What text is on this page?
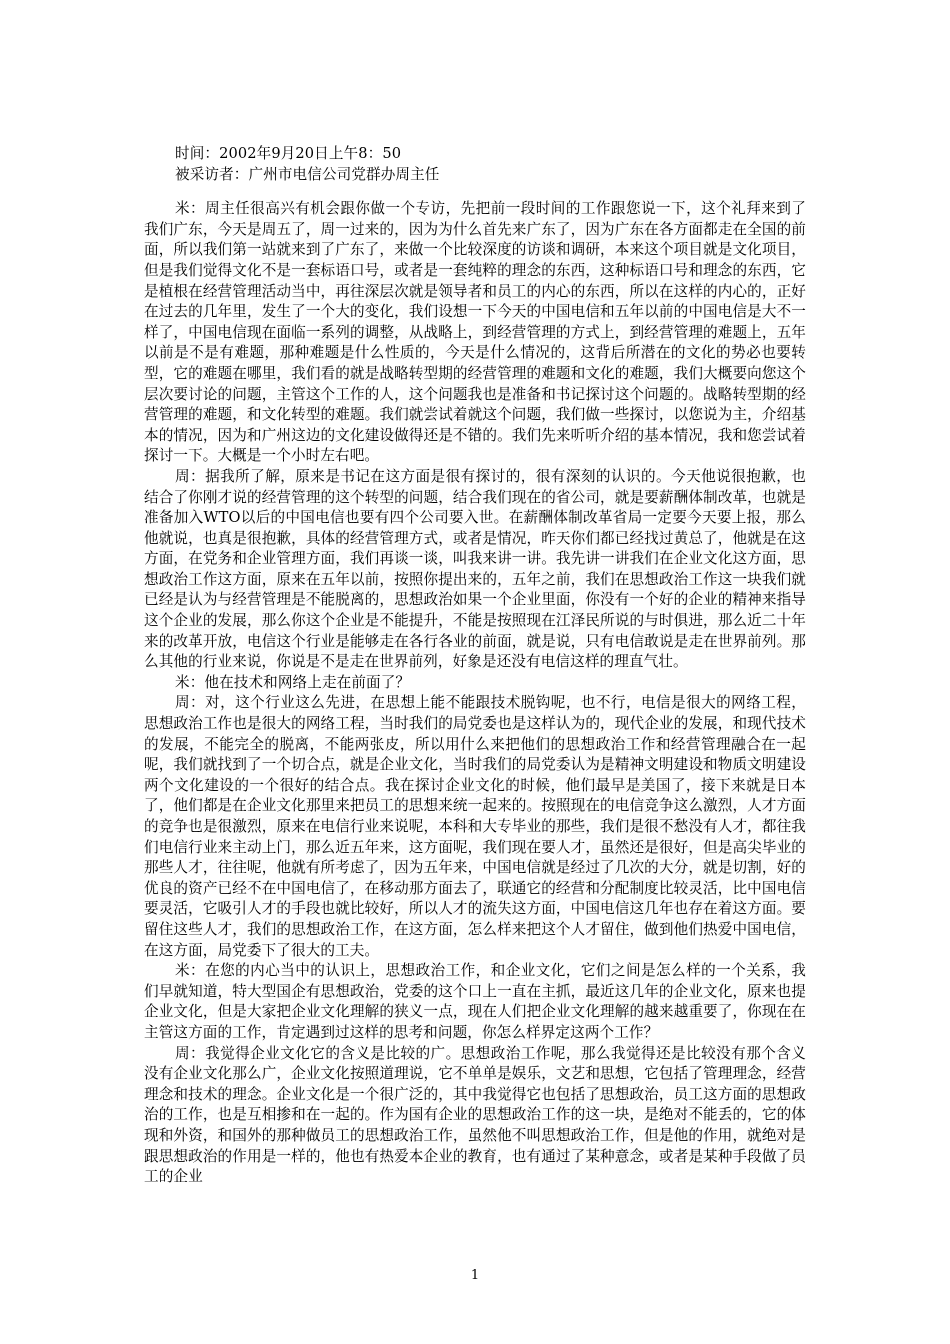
时间：2002年9月20日上午8：50

被采访者：广州市电信公司党群办周主任

米：周主任很高兴有机会跟你做一个专访，先把前一段时间的工作跟您说一下，这个礼拜来到了我们广东，今天是周五了，周一过来的，因为为什么首先来广东了，因为广东在各方面都走在全国的前面，所以我们第一站就来到了广东了，来做一个比较深度的访谈和调研，本来这个项目就是文化项目，但是我们觉得文化不是一套标语口号，或者是一套纯粹的理念的东西，这种标语口号和理念的东西，它是植根在经营管理活动当中，再往深层次就是领导者和员工的内心的东西，所以在这样的内心的，正好在过去的几年里，发生了一个大的变化，我们设想一下今天的中国电信和五年以前的中国电信是大不一样了，中国电信现在面临一系列的调整，从战略上，到经营管理的方式上，到经营管理的难题上，五年以前是不是有难题，那种难题是什么性质的，今天是什么情况的，这背后所潜在的文化的势必也要转型，它的难题在哪里，我们看的就是战略转型期的经营管理的难题和文化的难题，我们大概要向您这个层次要讨论的问题，主管这个工作的人，这个问题我也是准备和书记探讨这个问题的。战略转型期的经营管理的难题，和文化转型的难题。我们就尝试着就这个问题，我们做一些探讨，以您说为主，介绍基本的情况，因为和广州这边的文化建设做得还是不错的。我们先来听听介绍的基本情况，我和您尝试着探讨一下。大概是一个小时左右吧。

周：据我所了解，原来是书记在这方面是很有探讨的，很有深刻的认识的。今天他说很抱歉，也结合了你刚才说的经营管理的这个转型的问题，结合我们现在的省公司，就是要薪酬体制改革，也就是准备加入WTO以后的中国电信也要有四个公司要入世。在薪酬体制改革省局一定要今天要上报，那么他就说，也真是很抱歉，具体的经营管理方式，或者是情况，昨天你们都已经找过黄总了，他就是在这方面，在党务和企业管理方面，我们再谈一谈，叫我来讲一讲。我先讲一讲我们在企业文化这方面，思想政治工作这方面，原来在五年以前，按照你提出来的，五年之前，我们在思想政治工作这一块我们就已经是认为与经营管理是不能脱离的，思想政治如果一个企业里面，你没有一个好的企业的精神来指导这个企业的发展，那么你这个企业是不能提升，不能是按照现在江泽民所说的与时俱进，那么近二十年来的改革开放，电信这个行业是能够走在各行各业的前面，就是说，只有电信敢说是走在世界前列。那么其他的行业来说，你说是不是走在世界前列，好象是还没有电信这样的理直气壮。

米：他在技术和网络上走在前面了？

周：对，这个行业这么先进，在思想上能不能跟技术脱钩呢，也不行，电信是很大的网络工程，思想政治工作也是很大的网络工程，当时我们的局党委也是这样认为的，现代企业的发展，和现代技术的发展，不能完全的脱离，不能两张皮，所以用什么来把他们的思想政治工作和经营管理融合在一起呢，我们就找到了一个切合点，就是企业文化，当时我们的局党委认为是精神文明建设和物质文明建设两个文化建设的一个很好的结合点。我在探讨企业文化的时候，他们最早是美国了，接下来就是日本了，他们都是在企业文化那里来把员工的思想来统一起来的。按照现在的电信竞争这么激烈，人才方面的竞争也是很激烈，原来在电信行业来说呢，本科和大专毕业的那些，我们是很不愁没有人才，都往我们电信行业来主动上门，那么近五年来，这方面呢，我们现在要人才，虽然还是很好，但是高尖毕业的那些人才，往往呢，他就有所考虑了，因为五年来，中国电信就是经过了几次的大分，就是切割，好的优良的资产已经不在中国电信了，在移动那方面去了，联通它的经营和分配制度比较灵活，比中国电信要灵活，它吸引人才的手段也就比较好，所以人才的流失这方面，中国电信这几年也存在着这方面。要留住这些人才，我们的思想政治工作，在这方面，怎么样来把这个人才留住，做到他们热爱中国电信，在这方面，局党委下了很大的工夫。

米：在您的内心当中的认识上，思想政治工作，和企业文化，它们之间是怎么样的一个关系，我们早就知道，特大型国企有思想政治，党委的这个口上一直在主抓，最近这几年的企业文化，原来也提企业文化，但是大家把企业文化理解的狭义一点，现在人们把企业文化理解的越来越重要了，你现在在主管这方面的工作，肯定遇到过这样的思考和问题，你怎么样界定这两个工作？

周：我觉得企业文化它的含义是比较的广。思想政治工作呢，那么我觉得还是比较没有那个含义没有企业文化那么广，企业文化按照道理说，它不单单是娱乐，文艺和思想，它包括了管理理念，经营理念和技术的理念。企业文化是一个很广泛的，其中我觉得它也包括了思想政治，员工这方面的思想政治的工作，也是互相掺和在一起的。作为国有企业的思想政治工作的这一块，是绝对不能丢的，它的体现和外资，和国外的那种做员工的思想政治工作，虽然他不叫思想政治工作，但是他的作用，就绝对是跟思想政治的作用是一样的，他也有热爱本企业的教育，也有通过了某种意念，或者是某种手段做了员工的企业

1
